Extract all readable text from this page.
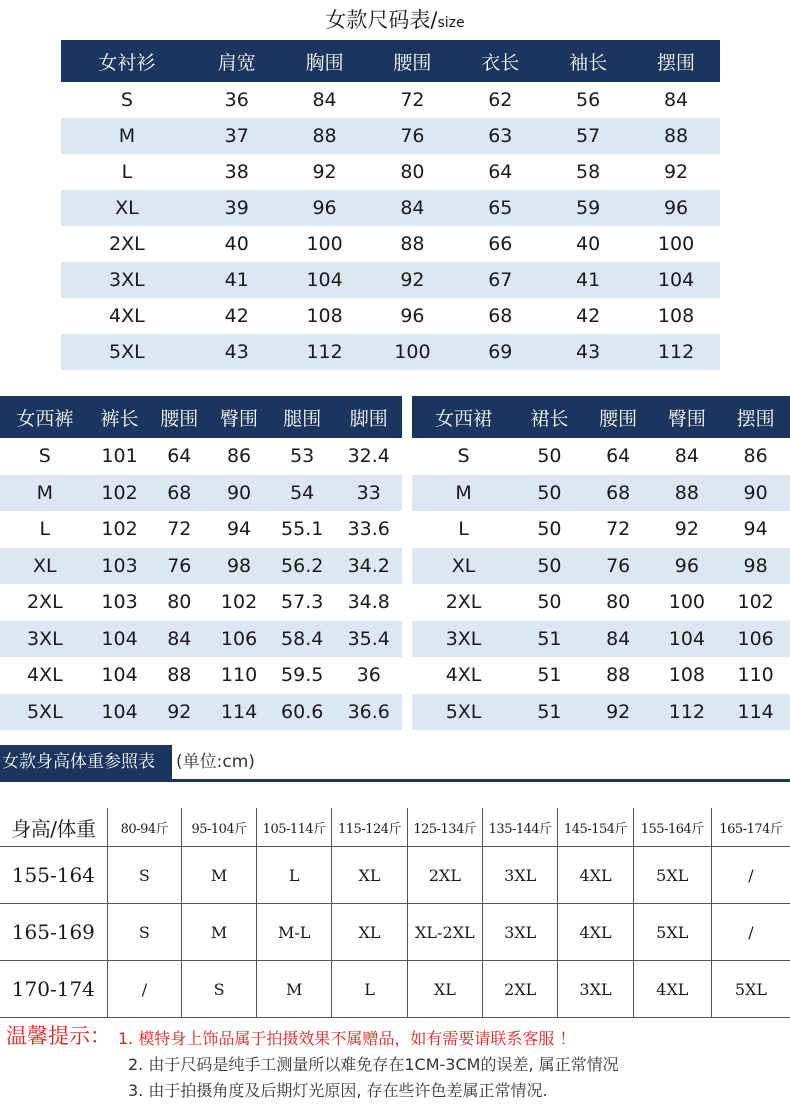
女款尺码表/size
女衬衫	肩宽	胸围	腰围	衣长	袖长	摆围
S	36	84	72	62	56	84
M	37	88	76	63	57	88
L	38	92	80	64	58	92
XL	39	96	84	65	59	96
2XL	40	100	88	66	40	100
3XL	41	104	92	67	41	104
4XL	42	108	96	68	42	108
5XL	43	112	100	69	43	112
女西裤	裤长	腰围	臀围	腿围	脚围
S	101	64	86	53	32.4
M	102	68	90	54	33
L	102	72	94	55.1	33.6
XL	103	76	98	56.2	34.2
2XL	103	80	102	57.3	34.8
3XL	104	84	106	58.4	35.4
4XL	104	88	110	59.5	36
5XL	104	92	114	60.6	36.6
女西裙	裙长	腰围	臀围	摆围
S	50	64	84	86
M	50	68	88	90
L	50	72	92	94
XL	50	76	96	98
2XL	50	80	100	102
3XL	51	84	104	106
4XL	51	88	108	110
5XL	51	92	112	114
女款身高体重参照表	(单位:cm)
身高/体重	80-94斤	95-104斤	105-114斤	115-124斤	125-134斤	135-144斤	145-154斤	155-164斤	165-174斤
155-164	S	M	L	XL	2XL	3XL	4XL	5XL	/
165-169	S	M	M-L	XL	XL-2XL	3XL	4XL	5XL	/
170-174	/	S	M	L	XL	2XL	3XL	4XL	5XL
温馨提示： 1. 模特身上饰品属于拍摄效果不属赠品，如有需要请联系客服 ！
2. 由于尺码是纯手工测量所以难免存在1CM-3CM的误差, 属正常情况
3. 由于拍摄角度及后期灯光原因, 存在些许色差属正常情况.
